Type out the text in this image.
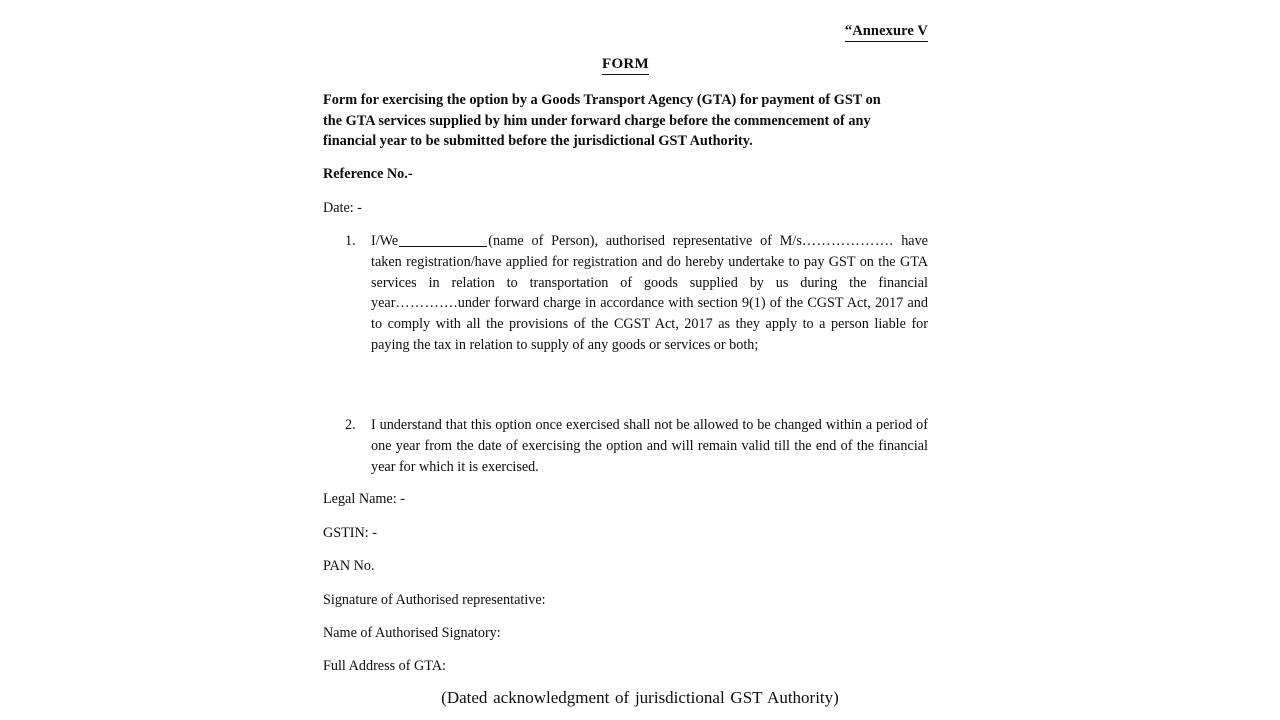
“Annexure V
FORM
Form for exercising the option by a Goods Transport Agency (GTA) for payment of GST on
the GTA services supplied by him under forward charge before the commencement of any
financial year to be submitted before the jurisdictional GST Authority.
Reference No.-
Date: -
1.	I/We	(name of Person), authorised representative of M/s………………. have taken registration/have applied for registration and do hereby undertake to pay GST on the GTA services in relation to transportation of goods supplied by us during the financial year………….under forward charge in accordance with section 9(1) of the CGST Act, 2017 and to comply with all the provisions of the CGST Act, 2017 as they apply to a person liable for paying the tax in relation to supply of any goods or services or both;
2.	I understand that this option once exercised shall not be allowed to be changed within a period of one year from the date of exercising the option and will remain valid till the end of the financial year for which it is exercised.
Legal Name: -
GSTIN: -
PAN No.
Signature of Authorised representative:
Name of Authorised Signatory:
Full Address of GTA:
(Dated acknowledgment of jurisdictional GST Authority)
